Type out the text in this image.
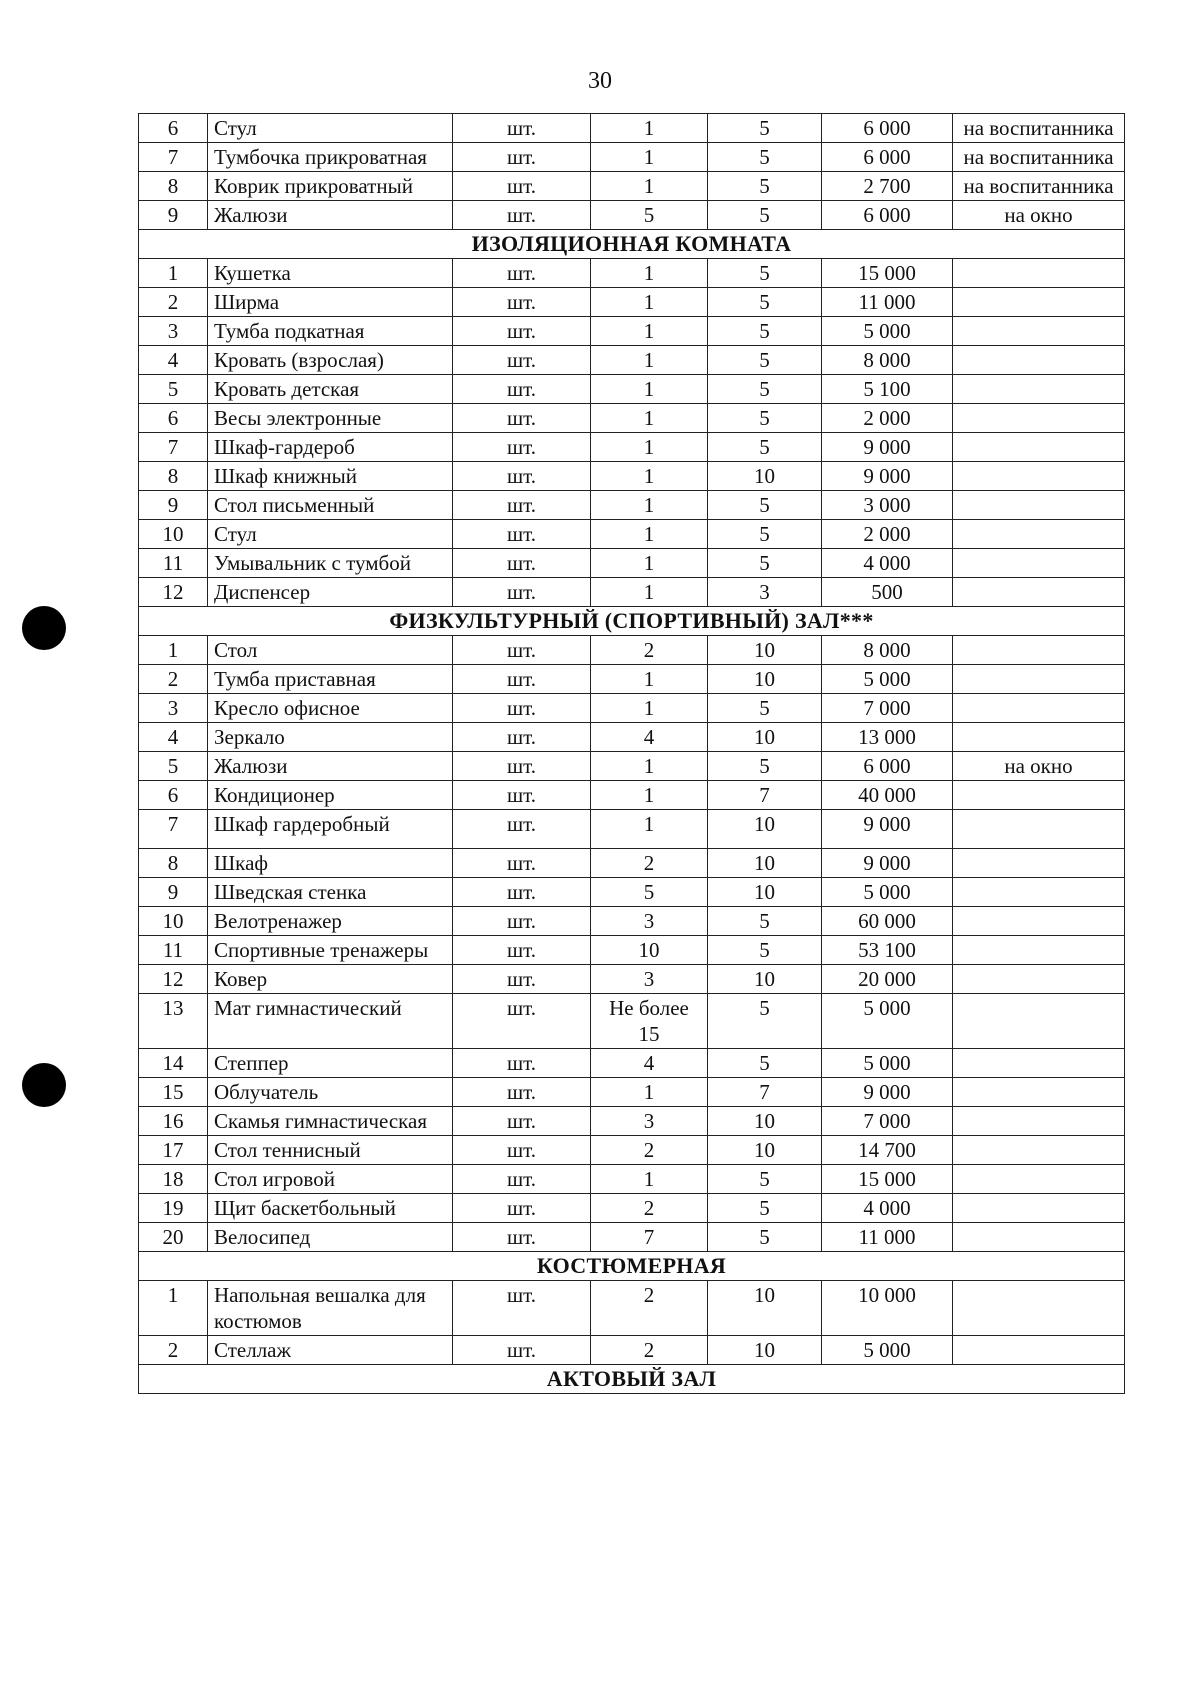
30
6	Стул	шт.	1	5	6 000	на воспитанника
7	Тумбочка прикроватная	шт.	1	5	6 000	на воспитанника
8	Коврик прикроватный	шт.	1	5	2 700	на воспитанника
9	Жалюзи	шт.	5	5	6 000	на окно
ИЗОЛЯЦИОННАЯ КОМНАТА						
1	Кушетка	шт.	1	5	15 000	
2	Ширма	шт.	1	5	11 000	
3	Тумба подкатная	шт.	1	5	5 000	
4	Кровать (взрослая)	шт.	1	5	8 000	
5	Кровать детская	шт.	1	5	5 100	
6	Весы электронные	шт.	1	5	2 000	
7	Шкаф-гардероб	шт.	1	5	9 000	
8	Шкаф книжный	шт.	1	10	9 000	
9	Стол письменный	шт.	1	5	3 000	
10	Стул	шт.	1	5	2 000	
11	Умывальник с тумбой	шт.	1	5	4 000	
12	Диспенсер	шт.	1	3	500	
ФИЗКУЛЬТУРНЫЙ (СПОРТИВНЫЙ) ЗАЛ***						
1	Стол	шт.	2	10	8 000	
2	Тумба приставная	шт.	1	10	5 000	
3	Кресло офисное	шт.	1	5	7 000	
4	Зеркало	шт.	4	10	13 000	
5	Жалюзи	шт.	1	5	6 000	на окно
6	Кондиционер	шт.	1	7	40 000	
7	Шкаф гардеробный	шт.	1	10	9 000	
8	Шкаф	шт.	2	10	9 000	
9	Шведская стенка	шт.	5	10	5 000	
10	Велотренажер	шт.	3	5	60 000	
11	Спортивные тренажеры	шт.	10	5	53 100	
12	Ковер	шт.	3	10	20 000	
13	Мат гимнастический	шт.	Не более 15	5	5 000	
14	Степпер	шт.	4	5	5 000	
15	Облучатель	шт.	1	7	9 000	
16	Скамья гимнастическая	шт.	3	10	7 000	
17	Стол теннисный	шт.	2	10	14 700	
18	Стол игровой	шт.	1	5	15 000	
19	Щит баскетбольный	шт.	2	5	4 000	
20	Велосипед	шт.	7	5	11 000	
КОСТЮМЕРНАЯ						
1	Напольная вешалка для костюмов	шт.	2	10	10 000	
2	Стеллаж	шт.	2	10	5 000	
АКТОВЫЙ ЗАЛ						
